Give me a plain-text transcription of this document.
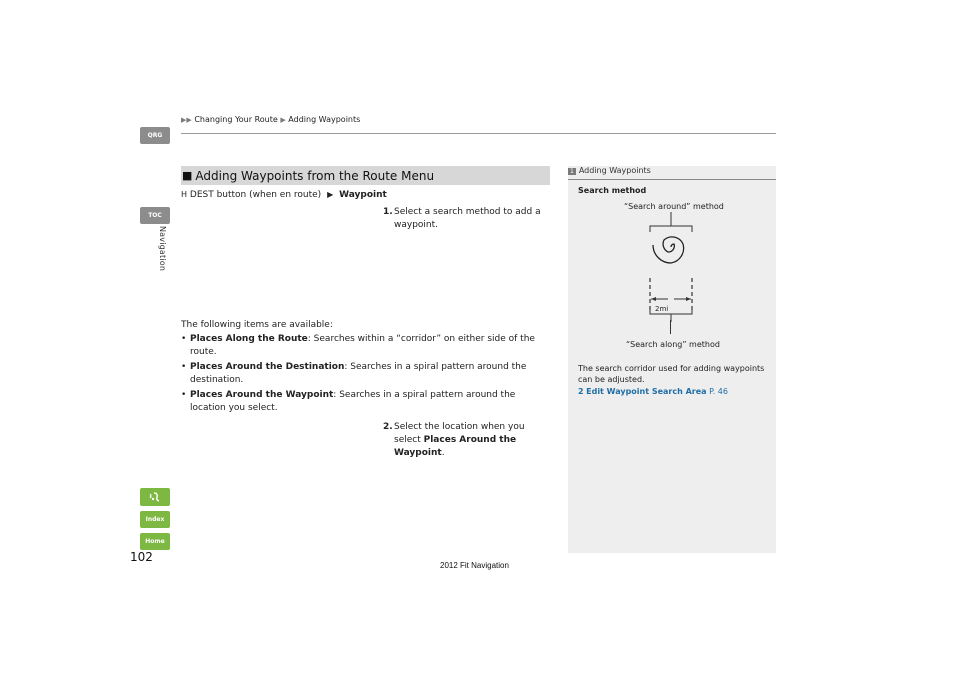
▶▶ Changing Your Route ▶ Adding Waypoints
QRG
TOC
Navigation
Index
Home
102
2012 Fit Navigation
■ Adding Waypoints from the Route Menu
H DEST button (when en route) ▶ Waypoint
1. Select a search method to add a waypoint.
The following items are available:
• Places Along the Route: Searches within a “corridor” on either side of the route.
• Places Around the Destination: Searches in a spiral pattern around the destination.
• Places Around the Waypoint: Searches in a spiral pattern around the location you select.
2. Select the location when you select Places Around the Waypoint.
1 Adding Waypoints
Search method
“Search around” method
2mi
“Search along” method
The search corridor used for adding waypoints can be adjusted.
2 Edit Waypoint Search Area P. 46
